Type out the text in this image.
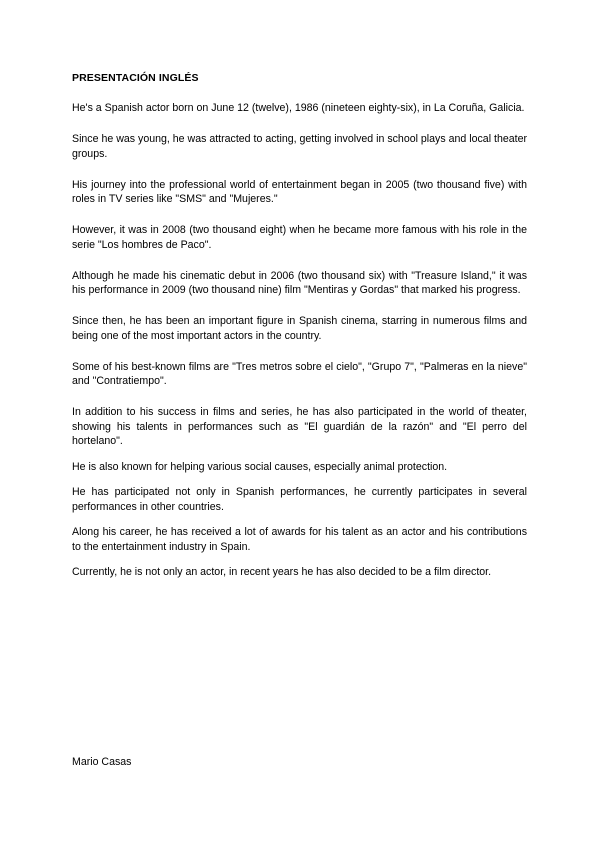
PRESENTACIÓN INGLÉS

He's a Spanish actor born on June 12 (twelve), 1986 (nineteen eighty-six), in La Coruña, Galicia.

Since he was young, he was attracted to acting, getting involved in school plays and local theater groups.

His journey into the professional world of entertainment began in 2005 (two thousand five) with roles in TV series like "SMS" and "Mujeres."

However, it was in 2008 (two thousand eight) when he became more famous with his role in the serie "Los hombres de Paco".

Although he made his cinematic debut in 2006 (two thousand six) with "Treasure Island," it was his performance in 2009 (two thousand nine) film "Mentiras y Gordas" that marked his progress.

Since then, he has been an important figure in Spanish cinema, starring in numerous films and being one of the most important actors in the country.

Some of his best-known films are "Tres metros sobre el cielo", "Grupo 7", "Palmeras en la nieve" and "Contratiempo".

In addition to his success in films and series, he has also participated in the world of theater, showing his talents in performances such as "El guardián de la razón" and "El perro del hortelano".

He is also known for helping various social causes, especially animal protection.

He has participated not only in Spanish performances, he currently participates in several performances in other countries.

Along his career, he has received a lot of awards for his talent as an actor and his contributions to the entertainment industry in Spain.

Currently, he is not only an actor, in recent years he has also decided to be a film director.

Mario Casas
